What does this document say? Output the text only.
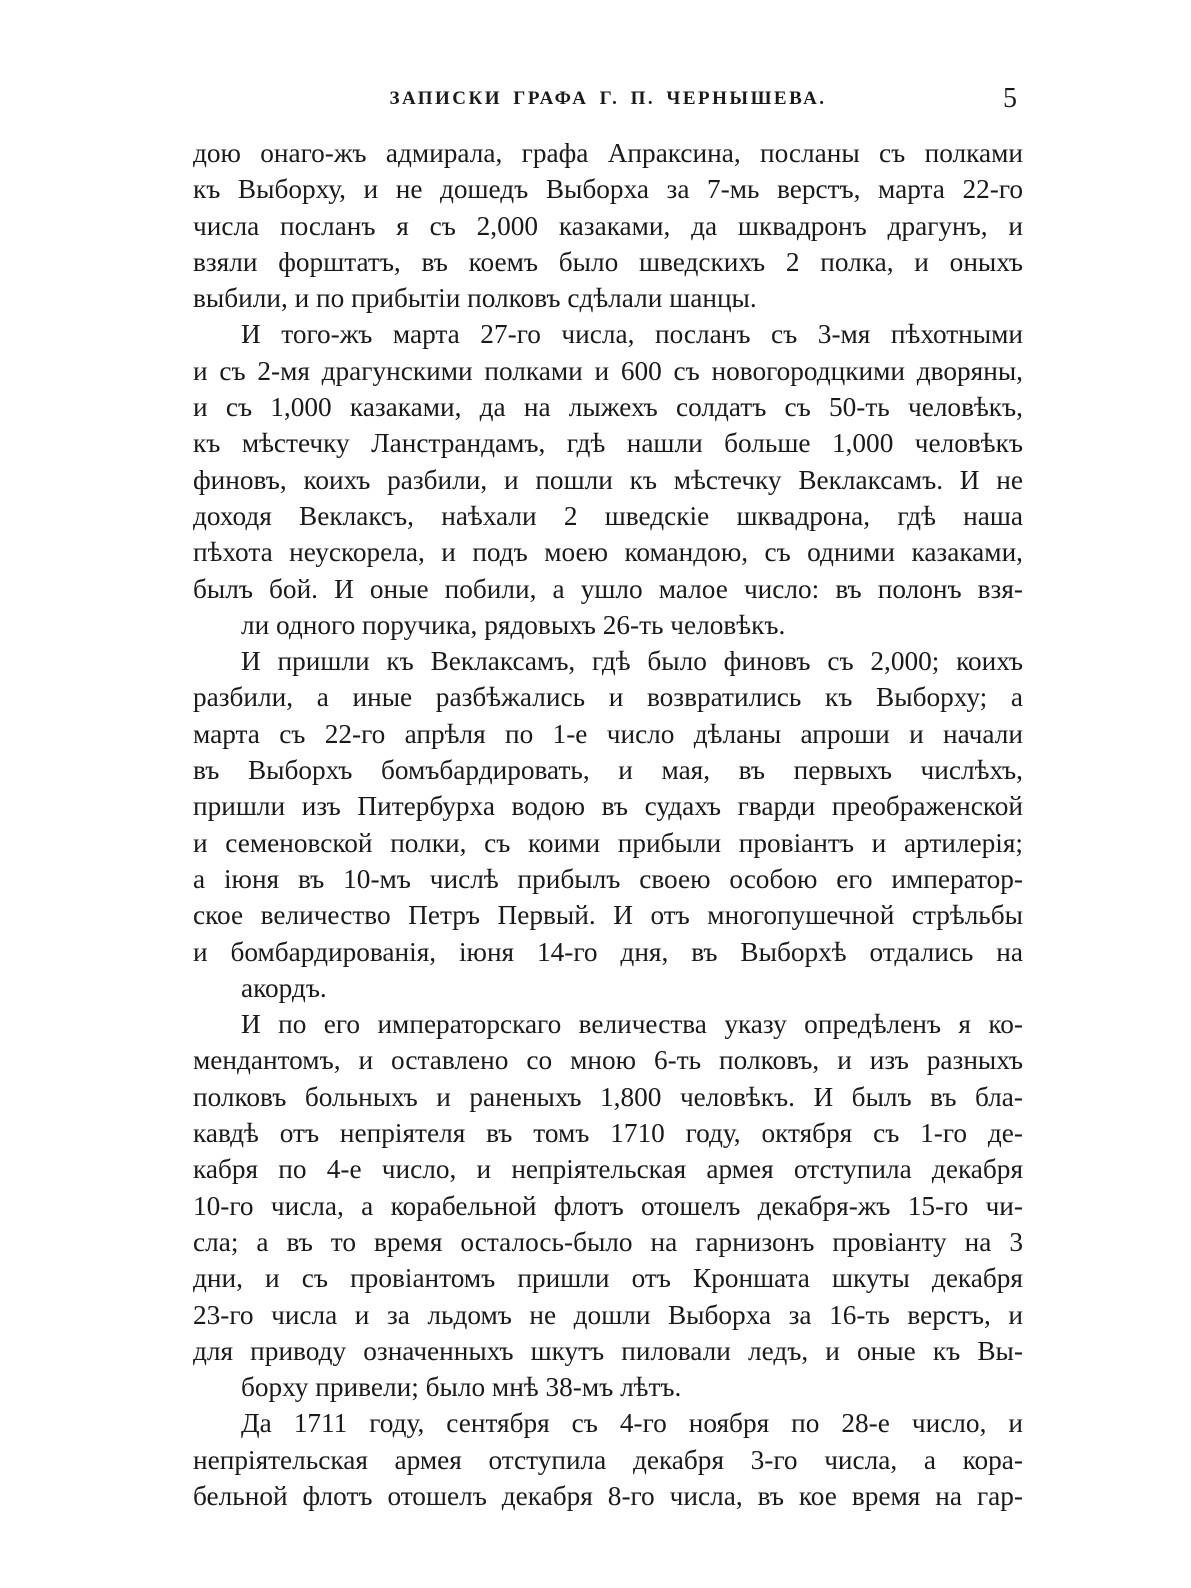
ЗАПИСКИ ГРАФА Г. П. ЧЕРНЫШЕВА.	5
дою онаго-жъ адмирала, графа Апраксина, посланы съ полками
къ Выборху, и не дошедъ Выборха за 7-мь верстъ, марта 22-го
числа посланъ я съ 2,000 казаками, да шквадронъ драгунъ, и
взяли форштатъ, въ коемъ было шведскихъ 2 полка, и оныхъ

выбили, и по прибытіи полковъ сдѣлали шанцы.
И того-жъ марта 27-го числа, посланъ съ 3-мя пѣхотными
и съ 2-мя драгунскими полками и 600 съ новогородцкими дворяны,
и съ 1,000 казаками, да на лыжехъ солдатъ съ 50-ть человѣкъ,
къ мѣстечку Ланстрандамъ, гдѣ нашли больше 1,000 человѣкъ
финовъ, коихъ разбили, и пошли къ мѣстечку Веклаксамъ. И не
доходя Веклаксъ, наѣхали 2 шведскіе шквадрона, гдѣ наша
пѣхота неускорела, и подъ моею командою, съ одними казаками,
былъ бой. И оные побили, а ушло малое число: въ полонъ взя-

ли одного поручика, рядовыхъ 26-ть человѣкъ.
И пришли къ Веклаксамъ, гдѣ было финовъ съ 2,000; коихъ
разбили, а иные разбѣжались и возвратились къ Выборху; а
марта съ 22-го апрѣля по 1-е число дѣланы апроши и начали
въ Выборхъ бомъбардировать, и мая, въ первыхъ числѣхъ,
пришли изъ Питербурха водою въ судахъ гварди преображенской
и семеновской полки, съ коими прибыли провіантъ и артилерія;
а іюня въ 10-мъ числѣ прибылъ своею особою его император-
ское величество Петръ Первый. И отъ многопушечной стрѣльбы
и бомбардированія, іюня 14-го дня, въ Выборхѣ отдались на

акордъ.
И по его императорскаго величества указу опредѣленъ я ко-
мендантомъ, и оставлено со мною 6-ть полковъ, и изъ разныхъ
полковъ больныхъ и раненыхъ 1,800 человѣкъ. И былъ въ бла-
кавдѣ отъ непріятеля въ томъ 1710 году, октября съ 1-го де-
кабря по 4-е число, и непріятельская армея отступила декабря
10-го числа, а корабельной флотъ отошелъ декабря-жъ 15-го чи-
сла; а въ то время осталось-было на гарнизонъ провіанту на 3
дни, и съ провіантомъ пришли отъ Кроншата шкуты декабря
23-го числа и за льдомъ не дошли Выборха за 16-ть верстъ, и
для приводу означенныхъ шкутъ пиловали ледъ, и оные къ Вы-

борху привели; было мнѣ 38-мъ лѣтъ.
Да 1711 году, сентября съ 4-го ноября по 28-е число, и
непріятельская армея отступила декабря 3-го числа, а кора-
бельной флотъ отошелъ декабря 8-го числа, въ кое время на гар-
